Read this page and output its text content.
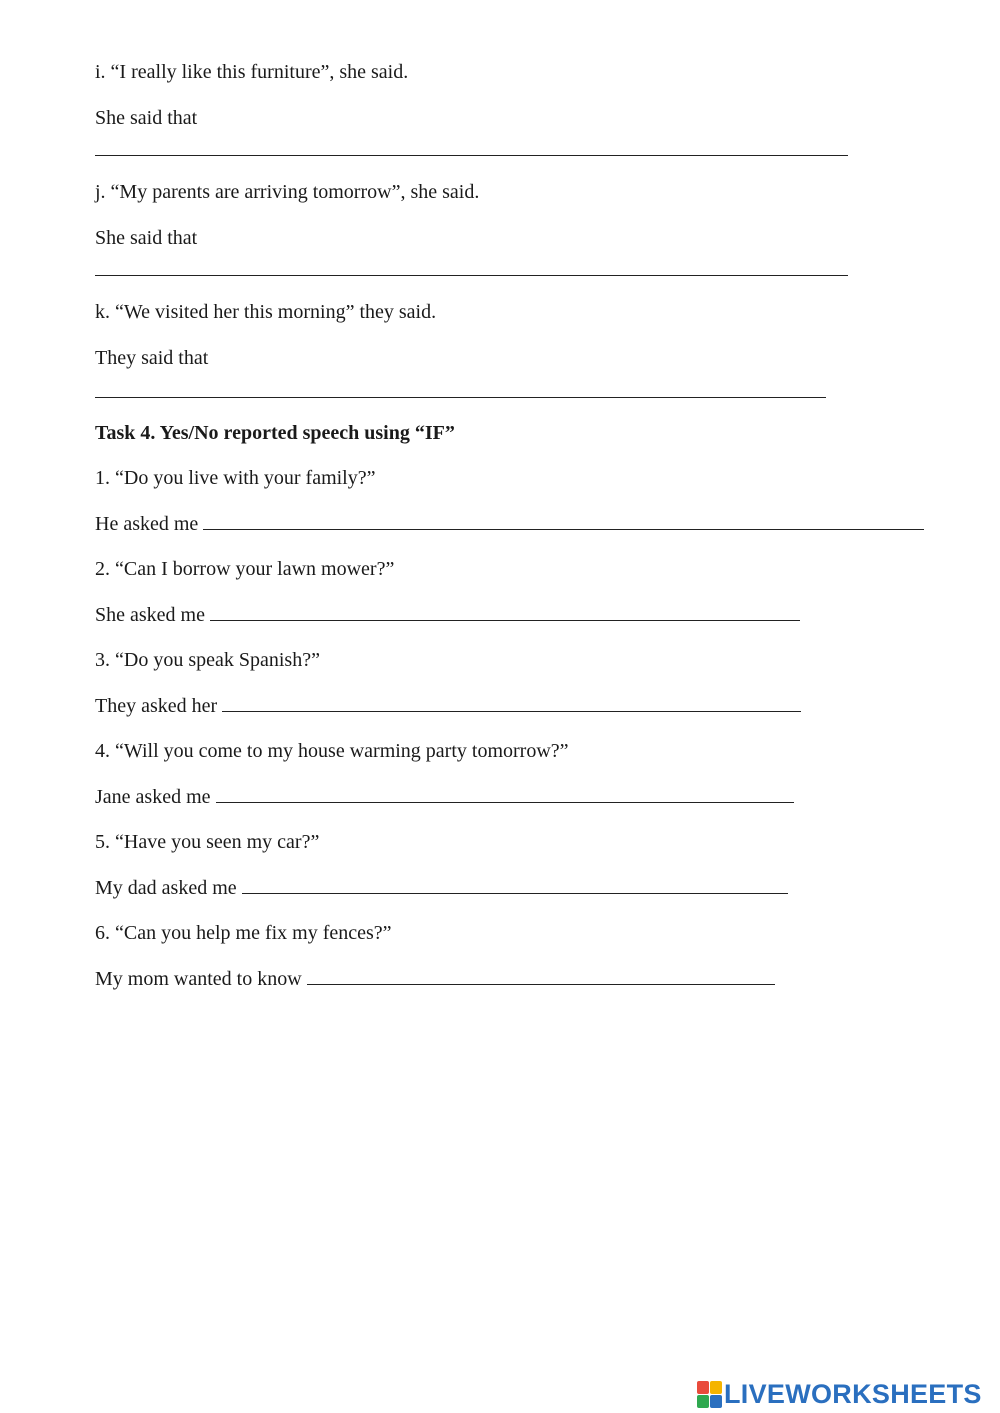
i. “I really like this furniture”, she said.
She said that
j. “My parents are arriving tomorrow”, she said.
She said that
k. “We visited her this morning” they said.
They said that
Task 4. Yes/No reported speech using “IF”
1. “Do you live with your family?”
He asked me
2. “Can I borrow your lawn mower?”
She asked me
3. “Do you speak Spanish?”
They asked her
4. “Will you come to my house warming party tomorrow?”
Jane asked me
5. “Have you seen my car?”
My dad asked me
6. “Can you help me fix my fences?”
My mom wanted to know
LIVEWORKSHEETS
